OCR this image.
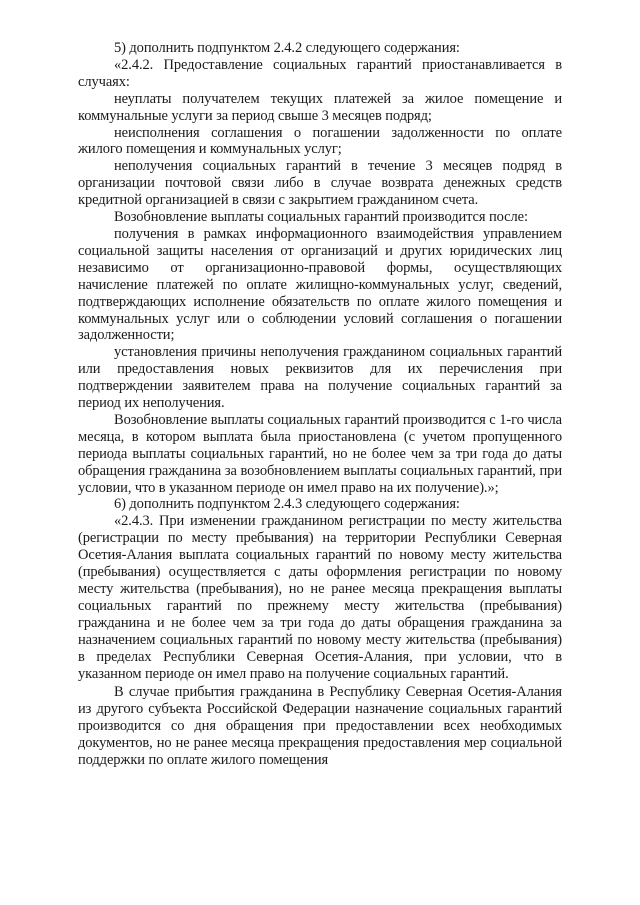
5) дополнить подпунктом 2.4.2 следующего содержания:

«2.4.2. Предоставление социальных гарантий приостанавливается в случаях:

неуплаты получателем текущих платежей за жилое помещение и коммунальные услуги за период свыше 3 месяцев подряд;

неисполнения соглашения о погашении задолженности по оплате жилого помещения и коммунальных услуг;

неполучения социальных гарантий в течение 3 месяцев подряд в организации почтовой связи либо в случае возврата денежных средств кредитной организацией в связи с закрытием гражданином счета.

Возобновление выплаты социальных гарантий производится после:

получения в рамках информационного взаимодействия управлением социальной защиты населения от организаций и других юридических лиц независимо от организационно-правовой формы, осуществляющих начисление платежей по оплате жилищно-коммунальных услуг, сведений, подтверждающих исполнение обязательств по оплате жилого помещения и коммунальных услуг или о соблюдении условий соглашения о погашении задолженности;

установления причины неполучения гражданином социальных гарантий или предоставления новых реквизитов для их перечисления при подтверждении заявителем права на получение социальных гарантий за период их неполучения.

Возобновление выплаты социальных гарантий производится с 1-го числа месяца, в котором выплата была приостановлена (с учетом пропущенного периода выплаты социальных гарантий, но не более чем за три года до даты обращения гражданина за возобновлением выплаты социальных гарантий, при условии, что в указанном периоде он имел право на их получение).»;

6) дополнить подпунктом 2.4.3 следующего содержания:

«2.4.3. При изменении гражданином регистрации по месту жительства (регистрации по месту пребывания) на территории Республики Северная Осетия-Алания выплата социальных гарантий по новому месту жительства (пребывания) осуществляется с даты оформления регистрации по новому месту жительства (пребывания), но не ранее месяца прекращения выплаты социальных гарантий по прежнему месту жительства (пребывания) гражданина и не более чем за три года до даты обращения гражданина за назначением социальных гарантий по новому месту жительства (пребывания) в пределах Республики Северная Осетия-Алания, при условии, что в указанном периоде он имел право на получение социальных гарантий.

В случае прибытия гражданина в Республику Северная Осетия-Алания из другого субъекта Российской Федерации назначение социальных гарантий производится со дня обращения при предоставлении всех необходимых документов, но не ранее месяца прекращения предоставления мер социальной поддержки по оплате жилого помещения
